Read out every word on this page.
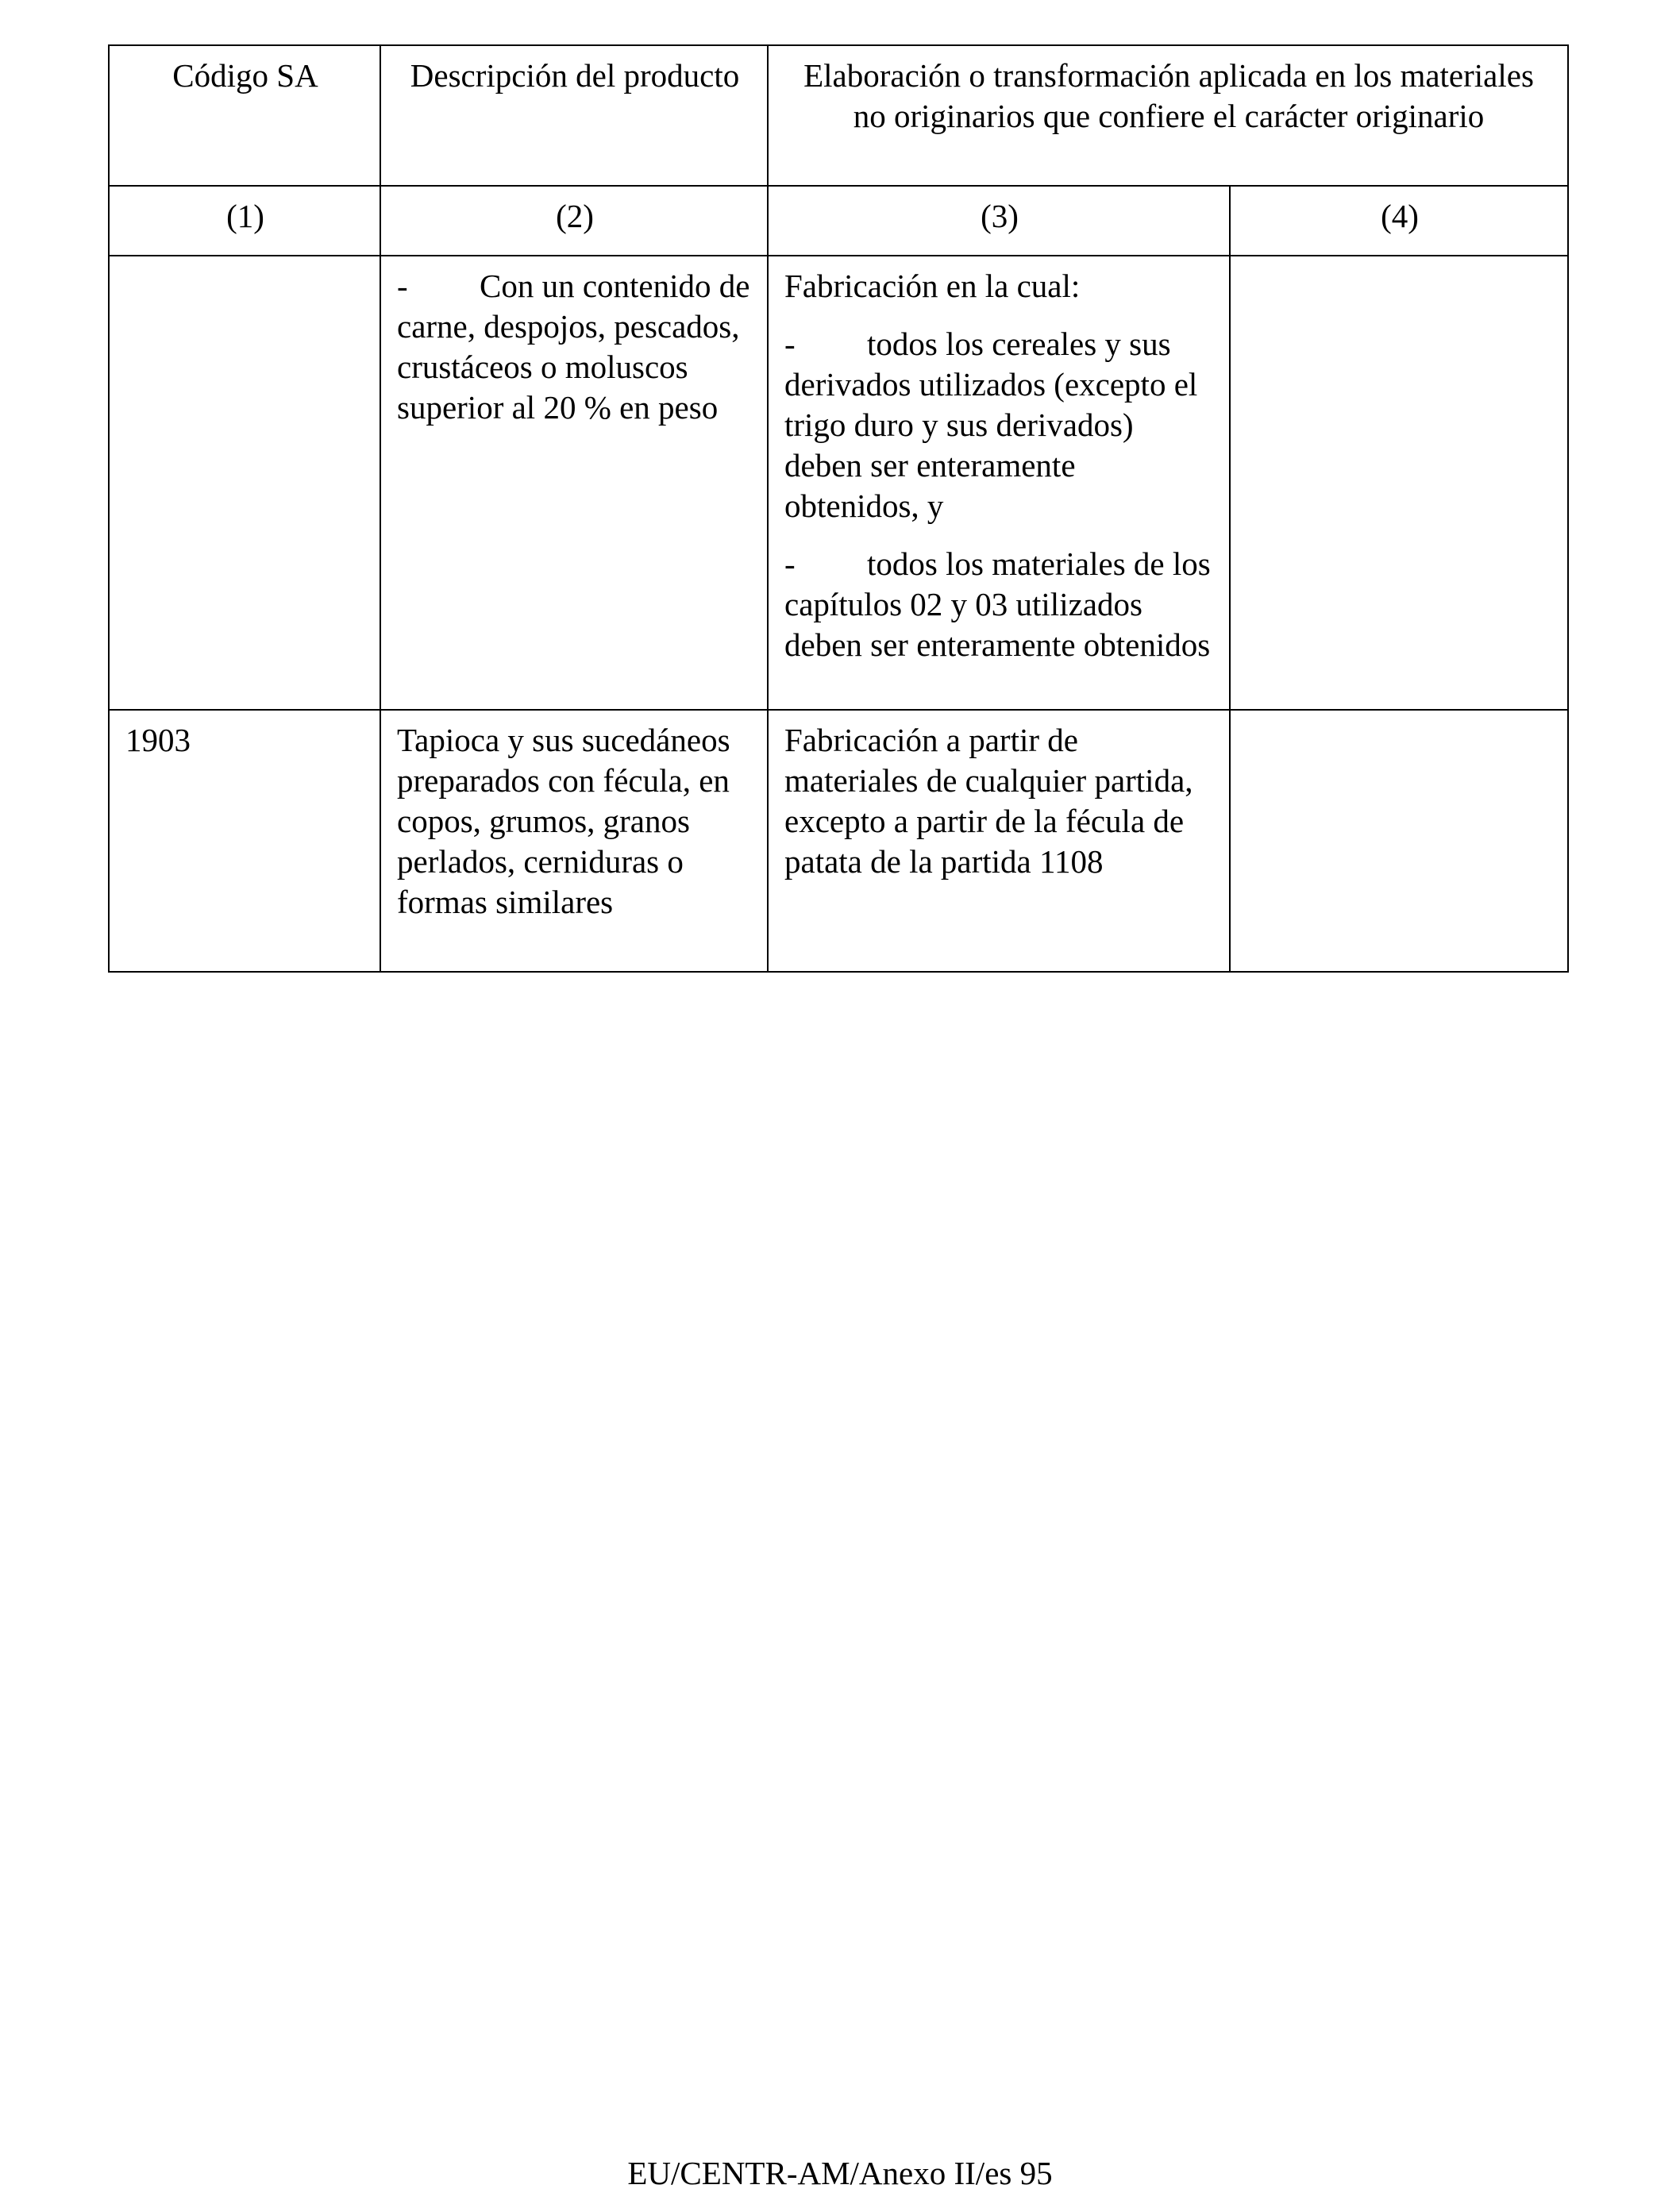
Código SA	Descripción del producto	Elaboración o transformación aplicada en los materiales no originarios que confiere el carácter originario	
(1)	(2)	(3)	(4)

	- Con un contenido de carne, despojos, pescados, crustáceos o moluscos superior al 20 % en peso	Fabricación en la cual:
- todos los cereales y sus derivados utilizados (excepto el trigo duro y sus derivados) deben ser enteramente obtenidos, y
- todos los materiales de los capítulos 02 y 03 utilizados deben ser enteramente obtenidos	

1903	Tapioca y sus sucedáneos preparados con fécula, en copos, grumos, granos perlados, cerniduras o formas similares	Fabricación a partir de materiales de cualquier partida, excepto a partir de la fécula de patata de la partida 1108	
EU/CENTR-AM/Anexo II/es 95
